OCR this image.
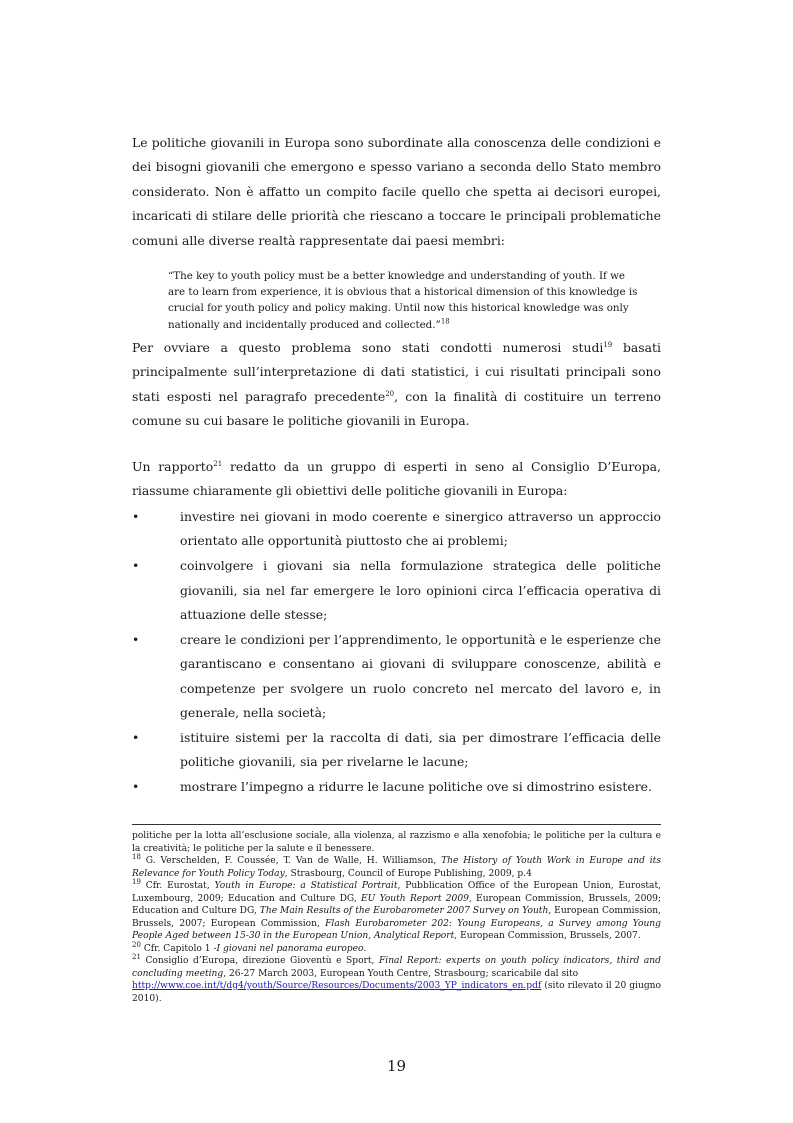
Le politiche giovanili in Europa sono subordinate alla conoscenza delle condizioni e dei bisogni giovanili che emergono e spesso variano a seconda dello Stato membro considerato. Non è affatto un compito facile quello che spetta ai decisori europei, incaricati di stilare delle priorità che riescano a toccare le principali problematiche comuni alle diverse realtà rappresentate dai paesi membri:

“The key to youth policy must be a better knowledge and understanding of youth. If we are to learn from experience, it is obvious that a historical dimension of this knowledge is crucial for youth policy and policy making. Until now this historical knowledge was only nationally and incidentally produced and collected.”$^{18}$

Per ovviare a questo problema sono stati condotti numerosi studi$^{19}$ basati principalmente sull’interpretazione di dati statistici, i cui risultati principali sono stati esposti nel paragrafo precedente$^{20}$, con la finalità di costituire un terreno comune su cui basare le politiche giovanili in Europa.

Un rapporto$^{21}$ redatto da un gruppo di esperti in seno al Consiglio D’Europa, riassume chiaramente gli obiettivi delle politiche giovanili in Europa:

•	investire nei giovani in modo coerente e sinergico attraverso un approccio orientato alle opportunità piuttosto che ai problemi;
•	coinvolgere i giovani sia nella formulazione strategica delle politiche giovanili, sia nel far emergere le loro opinioni circa l’efficacia operativa di attuazione delle stesse;
•	creare le condizioni per l’apprendimento, le opportunità e le esperienze che garantiscano e consentano ai giovani di sviluppare conoscenze, abilità e competenze per svolgere un ruolo concreto nel mercato del lavoro e, in generale, nella società;
•	istituire sistemi per la raccolta di dati, sia per dimostrare l’efficacia delle politiche giovanili, sia per rivelarne le lacune;
•	mostrare l’impegno a ridurre le lacune politiche ove si dimostrino esistere.

politiche per la lotta all’esclusione sociale, alla violenza, al razzismo e alla xenofobia; le politiche per la cultura e la creatività; le politiche per la salute e il benessere.

$^{18}$ G. Verschelden, F. Coussée, T. Van de Walle, H. Williamson, The History of Youth Work in Europe and its Relevance for Youth Policy Today, Strasbourg, Council of Europe Publishing, 2009, p.4

$^{19}$ Cfr. Eurostat, Youth in Europe: a Statistical Portrait, Pubblication Office of the European Union, Eurostat, Luxembourg, 2009; Education and Culture DG, EU Youth Report 2009, European Commission, Brussels, 2009; Education and Culture DG, The Main Results of the Eurobarometer 2007 Survey on Youth, European Commission, Brussels, 2007; European Commission, Flash Eurobarometer 202: Young Europeans, a Survey among Young People Aged between 15-30 in the European Union, Analytical Report, European Commission, Brussels, 2007.

$^{20}$ Cfr. Capitolo 1 -I giovani nel panorama europeo.

$^{21}$ Consiglio d’Europa, direzione Gioventù e Sport, Final Report: experts on youth policy indicators, third and concluding meeting, 26-27 March 2003, European Youth Centre, Strasbourg; scaricabile dal sito
http://www.coe.int/t/dg4/youth/Source/Resources/Documents/2003_YP_indicators_en.pdf (sito rilevato il 20 giugno 2010).

19
